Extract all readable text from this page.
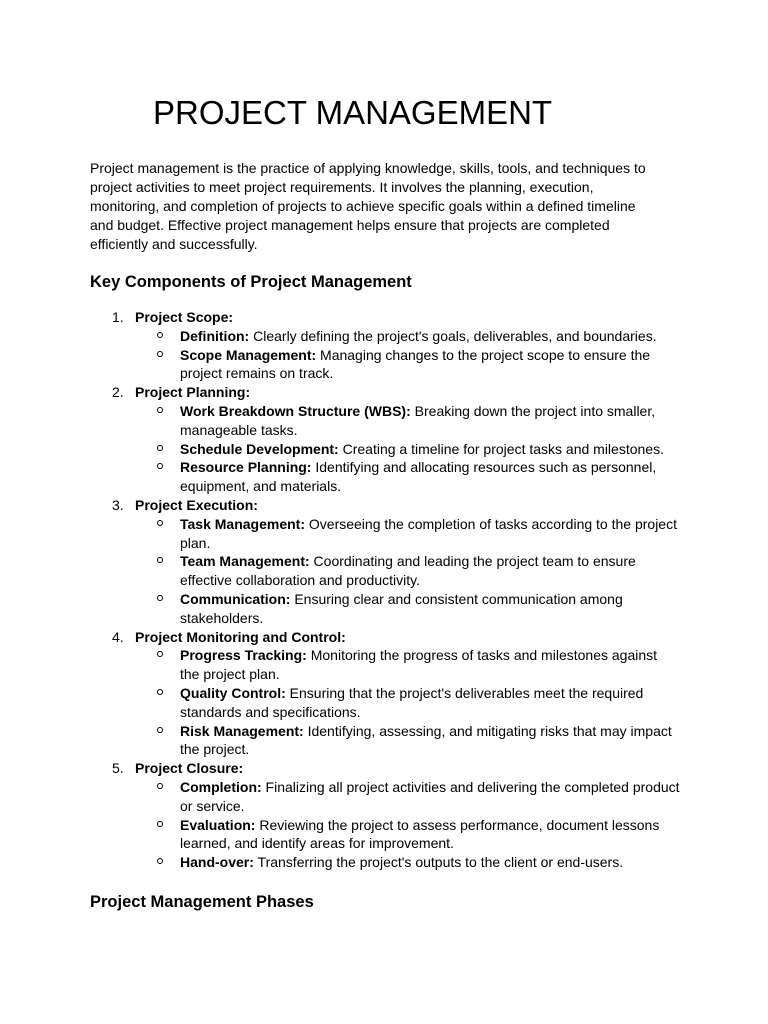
PROJECT MANAGEMENT

Project management is the practice of applying knowledge, skills, tools, and techniques to project activities to meet project requirements. It involves the planning, execution, monitoring, and completion of projects to achieve specific goals within a defined timeline and budget. Effective project management helps ensure that projects are completed efficiently and successfully.

Key Components of Project Management
1. Project Scope:
Definition: Clearly defining the project's goals, deliverables, and boundaries.
Scope Management: Managing changes to the project scope to ensure the project remains on track.
2. Project Planning:
Work Breakdown Structure (WBS): Breaking down the project into smaller, manageable tasks.
Schedule Development: Creating a timeline for project tasks and milestones.
Resource Planning: Identifying and allocating resources such as personnel, equipment, and materials.
3. Project Execution:
Task Management: Overseeing the completion of tasks according to the project plan.
Team Management: Coordinating and leading the project team to ensure effective collaboration and productivity.
Communication: Ensuring clear and consistent communication among stakeholders.
4. Project Monitoring and Control:
Progress Tracking: Monitoring the progress of tasks and milestones against the project plan.
Quality Control: Ensuring that the project's deliverables meet the required standards and specifications.
Risk Management: Identifying, assessing, and mitigating risks that may impact the project.
5. Project Closure:
Completion: Finalizing all project activities and delivering the completed product or service.
Evaluation: Reviewing the project to assess performance, document lessons learned, and identify areas for improvement.
Hand-over: Transferring the project's outputs to the client or end-users.
Project Management Phases
